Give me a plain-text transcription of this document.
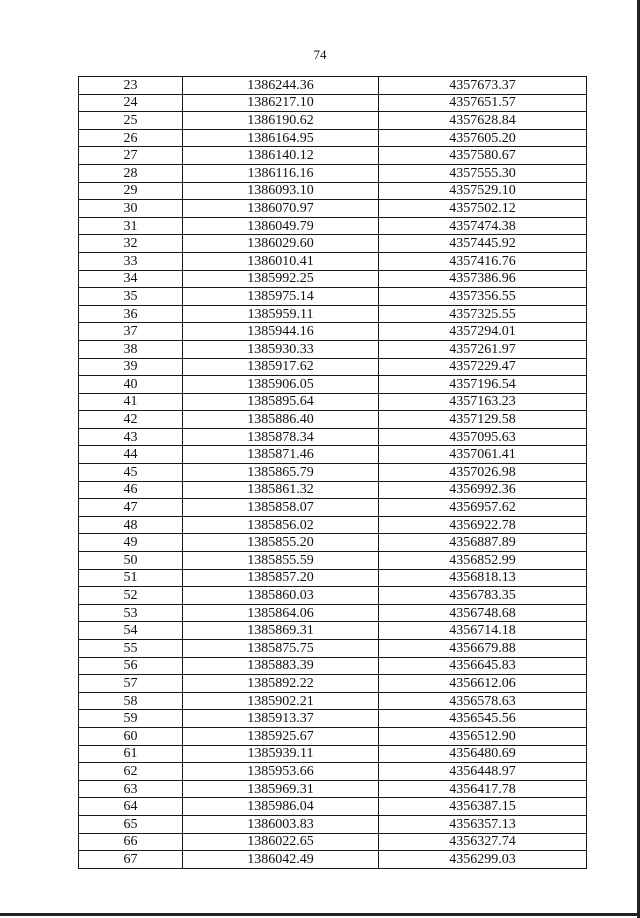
74
23	1386244.36	4357673.37
24	1386217.10	4357651.57
25	1386190.62	4357628.84
26	1386164.95	4357605.20
27	1386140.12	4357580.67
28	1386116.16	4357555.30
29	1386093.10	4357529.10
30	1386070.97	4357502.12
31	1386049.79	4357474.38
32	1386029.60	4357445.92
33	1386010.41	4357416.76
34	1385992.25	4357386.96
35	1385975.14	4357356.55
36	1385959.11	4357325.55
37	1385944.16	4357294.01
38	1385930.33	4357261.97
39	1385917.62	4357229.47
40	1385906.05	4357196.54
41	1385895.64	4357163.23
42	1385886.40	4357129.58
43	1385878.34	4357095.63
44	1385871.46	4357061.41
45	1385865.79	4357026.98
46	1385861.32	4356992.36
47	1385858.07	4356957.62
48	1385856.02	4356922.78
49	1385855.20	4356887.89
50	1385855.59	4356852.99
51	1385857.20	4356818.13
52	1385860.03	4356783.35
53	1385864.06	4356748.68
54	1385869.31	4356714.18
55	1385875.75	4356679.88
56	1385883.39	4356645.83
57	1385892.22	4356612.06
58	1385902.21	4356578.63
59	1385913.37	4356545.56
60	1385925.67	4356512.90
61	1385939.11	4356480.69
62	1385953.66	4356448.97
63	1385969.31	4356417.78
64	1385986.04	4356387.15
65	1386003.83	4356357.13
66	1386022.65	4356327.74
67	1386042.49	4356299.03
